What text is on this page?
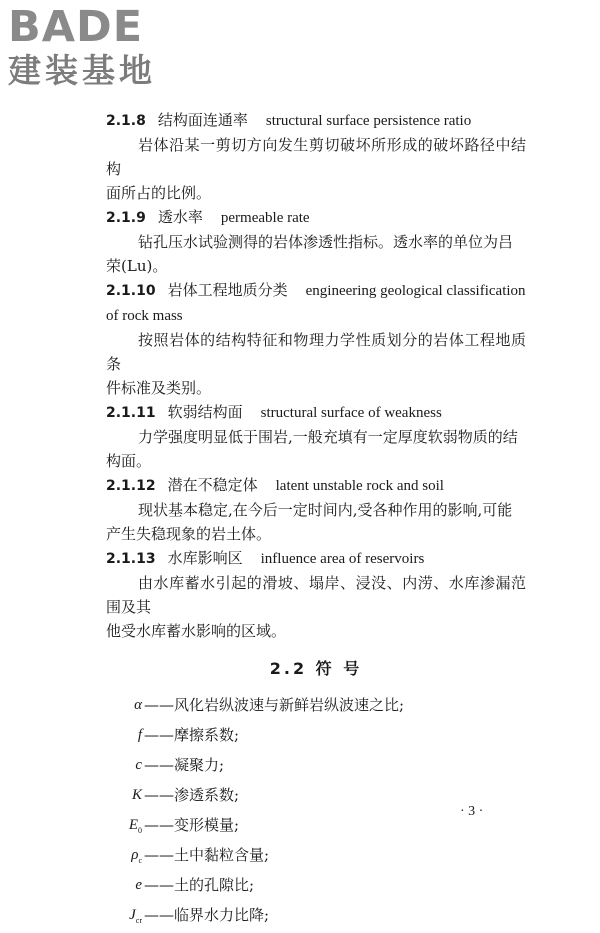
BADE
建装基地
2.1.8 结构面连通率 structural surface persistence ratio
岩体沿某一剪切方向发生剪切破坏所形成的破坏路径中结构
面所占的比例。
2.1.9 透水率 permeable rate
钻孔压水试验测得的岩体渗透性指标。透水率的单位为吕
荣(Lu)。
2.1.10 岩体工程地质分类 engineering geological classification
of rock mass
按照岩体的结构特征和物理力学性质划分的岩体工程地质条
件标准及类别。
2.1.11 软弱结构面 structural surface of weakness
力学强度明显低于围岩,一般充填有一定厚度软弱物质的结
构面。
2.1.12 潜在不稳定体 latent unstable rock and soil
现状基本稳定,在今后一定时间内,受各种作用的影响,可能
产生失稳现象的岩土体。
2.1.13 水库影响区 influence area of reservoirs
由水库蓄水引起的滑坡、塌岸、浸没、内涝、水库渗漏范围及其
他受水库蓄水影响的区域。
2.2 符 号
α ——风化岩纵波速与新鲜岩纵波速之比;
f ——摩擦系数;
c ——凝聚力;
K ——渗透系数;
$E_0$ ——变形模量;
$\rho_c$ ——土中黏粒含量;
e ——土的孔隙比;
$J_{cr}$ ——临界水力比降;
· 3 ·
